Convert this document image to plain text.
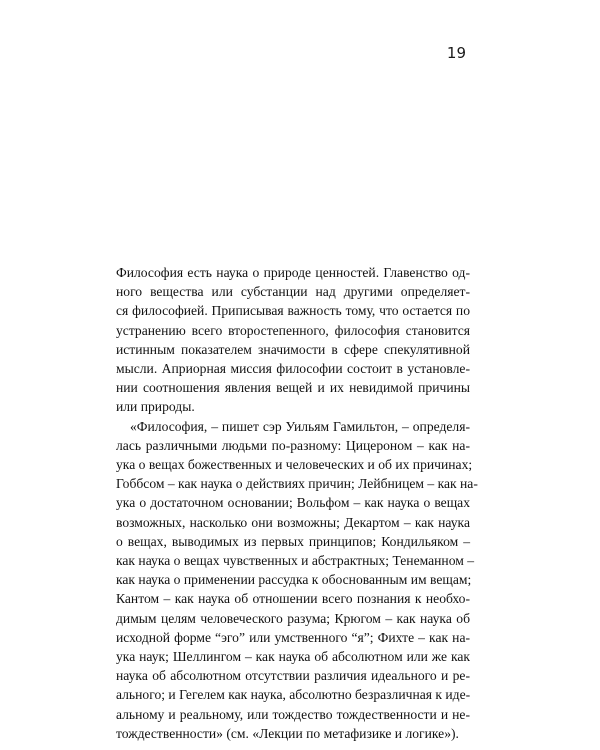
19

Философия есть наука о природе ценностей. Главенство од-
ного вещества или субстанции над другими определяет-
ся философией. Приписывая важность тому, что остается по
устранению всего второстепенного, философия становится
истинным показателем значимости в сфере спекулятивной
мысли. Априорная миссия философии состоит в установле-
нии соотношения явления вещей и их невидимой причины
или природы.

«Философия, – пишет сэр Уильям Гамильтон, – определя-
лась различными людьми по-разному: Цицероном – как на-
ука о вещах божественных и человеческих и об их причинах;
Гоббсом – как наука о действиях причин; Лейбницем – как на-
ука о достаточном основании; Вольфом – как наука о вещах
возможных, насколько они возможны; Декартом – как наука
о вещах, выводимых из первых принципов; Кондильяком –
как наука о вещах чувственных и абстрактных; Тенеманном –
как наука о применении рассудка к обоснованным им вещам;
Кантом – как наука об отношении всего познания к необхо-
димым целям человеческого разума; Крюгом – как наука об
исходной форме “эго” или умственного “я”; Фихте – как на-
ука наук; Шеллингом – как наука об абсолютном или же как
наука об абсолютном отсутствии различия идеального и ре-
ального; и Гегелем как наука, абсолютно безразличная к иде-
альному и реальному, или тождество тождественности и не-
тождественности» (см. «Лекции по метафизике и логике»).
